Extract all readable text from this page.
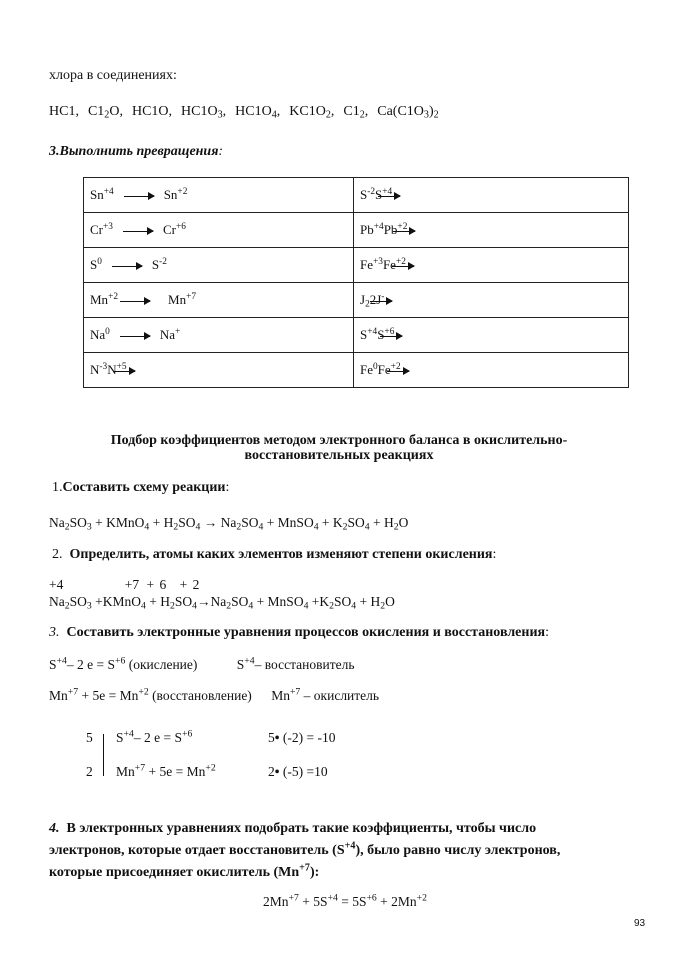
хлора в соединениях:
HC1, $C1_2O$, HC1O, $HC1O_3$, $HC1O_4$, $KC1O_2$, $C1_2$, $Ca(C1O_3)_2$
3.Выполнить превращения:
$Sn^{+4}$ $Sn^{+2}$	$S^{-2}S^{+4}$
$Cr^{+3}$ $Cr^{+6}$	$Pb^{+4}Pb^{+2}$
$S^0$ $S^{-2}$	$Fe^{+3}Fe^{+2}$
$Mn^{+2}$ $Mn^{+7}$	$J_22J^-$
Na$^0$ Na+	$S^{+4}S^{+6}$
$N^{-3}N^{+5}$	$Fe^0Fe^{+2}$
Подбор коэффициентов методом электронного баланса в окислительно-
восстановительных реакциях
1.Составить схему реакции:
$Na_2SO_3$ + KMnO$_4$ + $H_2SO_4 \to Na_2SO_4$ + MnSO$_4$ + $K_2SO_4 + H_2O$
2. Определить, атомы каких элементов изменяют степени окисления:
+4	+7 + 6 + 2
$Na_2SO_3$ +KMnO$_4$ + $H_2SO_4\to Na_2SO_4$ + MnSO$_4$ $+K_2SO_4 + H_2O$
3. Составить электронные уравнения процессов окисления и восстановления:
$S^{+4}-$ 2 $e = S^{+6}$ (окисление)	$S^{+4}-$ восстановитель
$Mn^{+7} + 5e = Mn^{+2}$ (восстановление) $Mn^{+7}$ – окислитель
5 $S^{+4}-$ 2 $e = S^{+6}$	5• (-2) = -10
2 $Mn^{+7} + 5e = Mn^{+2}$	2• (-5) =10
4. В электронных уравнениях подобрать такие коэффициенты, чтобы число
электронов, которые отдает восстановитель $(S^{+4})$, было равно числу электронов,
которые присоединяет окислитель $(Mn^{+7})$:
$2Mn^{+7} + 5S^{+4} = 5S^{+6} + 2Mn^{+2}$
93
